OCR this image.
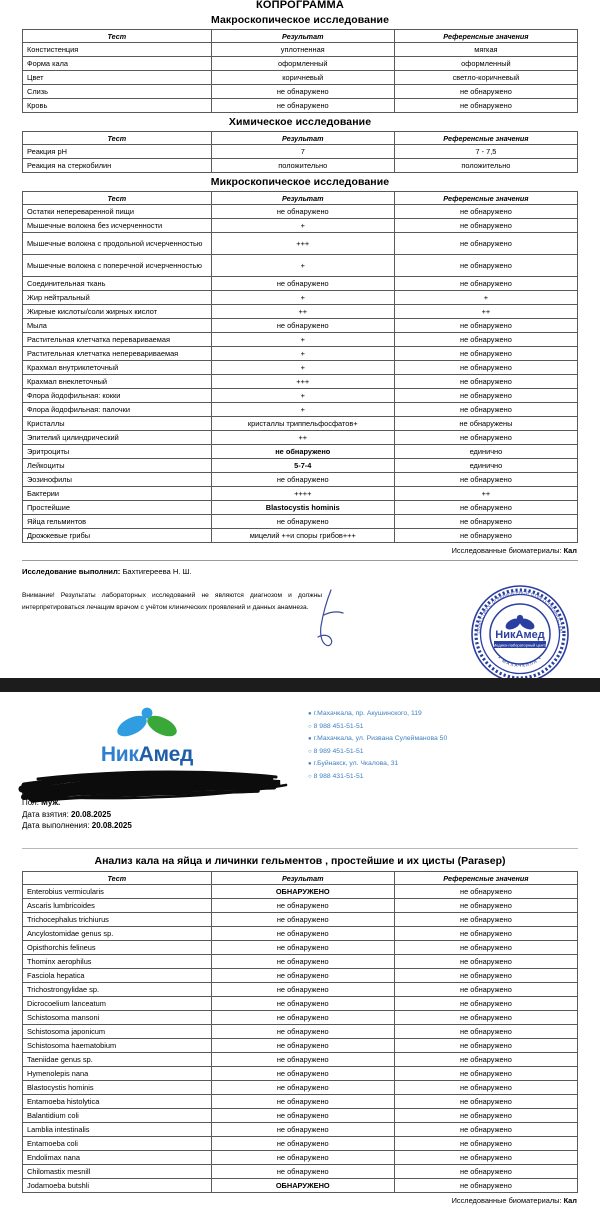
КОПРОГРАММА
Макроскопическое исследование
Тест	Результат	Референсные значения
Констистенция	уплотненная	мягкая
Форма кала	оформленный	оформленный
Цвет	коричневый	светло-коричневый
Слизь	не обнаружено	не обнаружено
Кровь	не обнаружено	не обнаружено
Химическое исследование
Тест	Результат	Референсные значения
Реакция pH	7	7 - 7,5
Реакция на стеркобилин	положительно	положительно
Микроскопическое исследование
Тест	Результат	Референсные значения
Остатки непереваренной пищи	не обнаружено	не обнаружено
Мышечные волокна без исчерченности	+	не обнаружено
Мышечные волокна с продольной исчерченностью	+++	не обнаружено
Мышечные волокна с поперечной исчерченностью	+	не обнаружено
Соединительная ткань	не обнаружено	не обнаружено
Жир нейтральный	+	+
Жирные кислоты/соли жирных кислот	++	++
Мыла	не обнаружено	не обнаружено
Растительная клетчатка перевариваемая	+	не обнаружено
Растительная клетчатка неперевариваемая	+	не обнаружено
Крахмал внутриклеточный	+	не обнаружено
Крахмал внеклеточный	+++	не обнаружено
Флора йодофильная: кокки	+	не обнаружено
Флора йодофильная: палочки	+	не обнаружено
Кристаллы	кристаллы триппельфосфатов+	не обнаружены
Эпителий цилиндрический	++	не обнаружено
Эритроциты	не обнаружено	единично
Лейкоциты	5-7-4	единично
Эозинофилы	не обнаружено	не обнаружено
Бактерии	++++	++
Простейшие	Blastocystis hominis	не обнаружено
Яйца гельминтов	не обнаружено	не обнаружено
Дрожжевые грибы	мицелий ++и споры грибов+++	не обнаружено
Исследованные биоматериалы: Кал
Исследование выполнил: Бахтигереева Н. Ш.
Внимание! Результаты лабораторных исследований не являются диагнозом и должны интерпретироваться лечащим врачом с учётом клинических проявлений и данных анамнеза.
ОБЩЕСТВО С ОГРАНИЧЕННОЙ ОТВЕТСТВЕННОСТЬЮ
• МАХАЧКАЛА •
НикАмед
Медико-лабораторный центр
НикАмед
● г.Махачкала, пр. Акушинского, 119
○ 8 988 451-51-51
● г.Махачкала, ул. Ризвана Сулейманова 50
○ 8 989 451-51-51
● г.Буйнакск, ул. Чкалова, 31
○ 8 988 431-51-51
Дата
Пол: Муж.
Дата взятия: 20.08.2025
Дата выполнения: 20.08.2025
Анализ кала на яйца и личинки гельментов , простейшие и их цисты (Parasep)
Тест	Результат	Референсные значения
Enterobius vermicularis	ОБНАРУЖЕНО	не обнаружено
Ascaris lumbricoides	не обнаружено	не обнаружено
Trichocephalus trichiurus	не обнаружено	не обнаружено
Ancylostomidae genus sp.	не обнаружено	не обнаружено
Opisthorchis felineus	не обнаружено	не обнаружено
Thominx aerophilus	не обнаружено	не обнаружено
Fasciola hepatica	не обнаружено	не обнаружено
Trichostrongylidae sp.	не обнаружено	не обнаружено
Dicrocoelium lanceatum	не обнаружено	не обнаружено
Schistosoma mansoni	не обнаружено	не обнаружено
Schistosoma japonicum	не обнаружено	не обнаружено
Schistosoma haematobium	не обнаружено	не обнаружено
Taeniidae genus sp.	не обнаружено	не обнаружено
Hymenolepis nana	не обнаружено	не обнаружено
Blastocystis hominis	не обнаружено	не обнаружено
Entamoeba histolytica	не обнаружено	не обнаружено
Balantidium coli	не обнаружено	не обнаружено
Lamblia intestinalis	не обнаружено	не обнаружено
Entamoeba coli	не обнаружено	не обнаружено
Endolimax nana	не обнаружено	не обнаружено
Chilomastix mesnill	не обнаружено	не обнаружено
Jodamoeba butshli	ОБНАРУЖЕНО	не обнаружено
Исследованные биоматериалы: Кал
